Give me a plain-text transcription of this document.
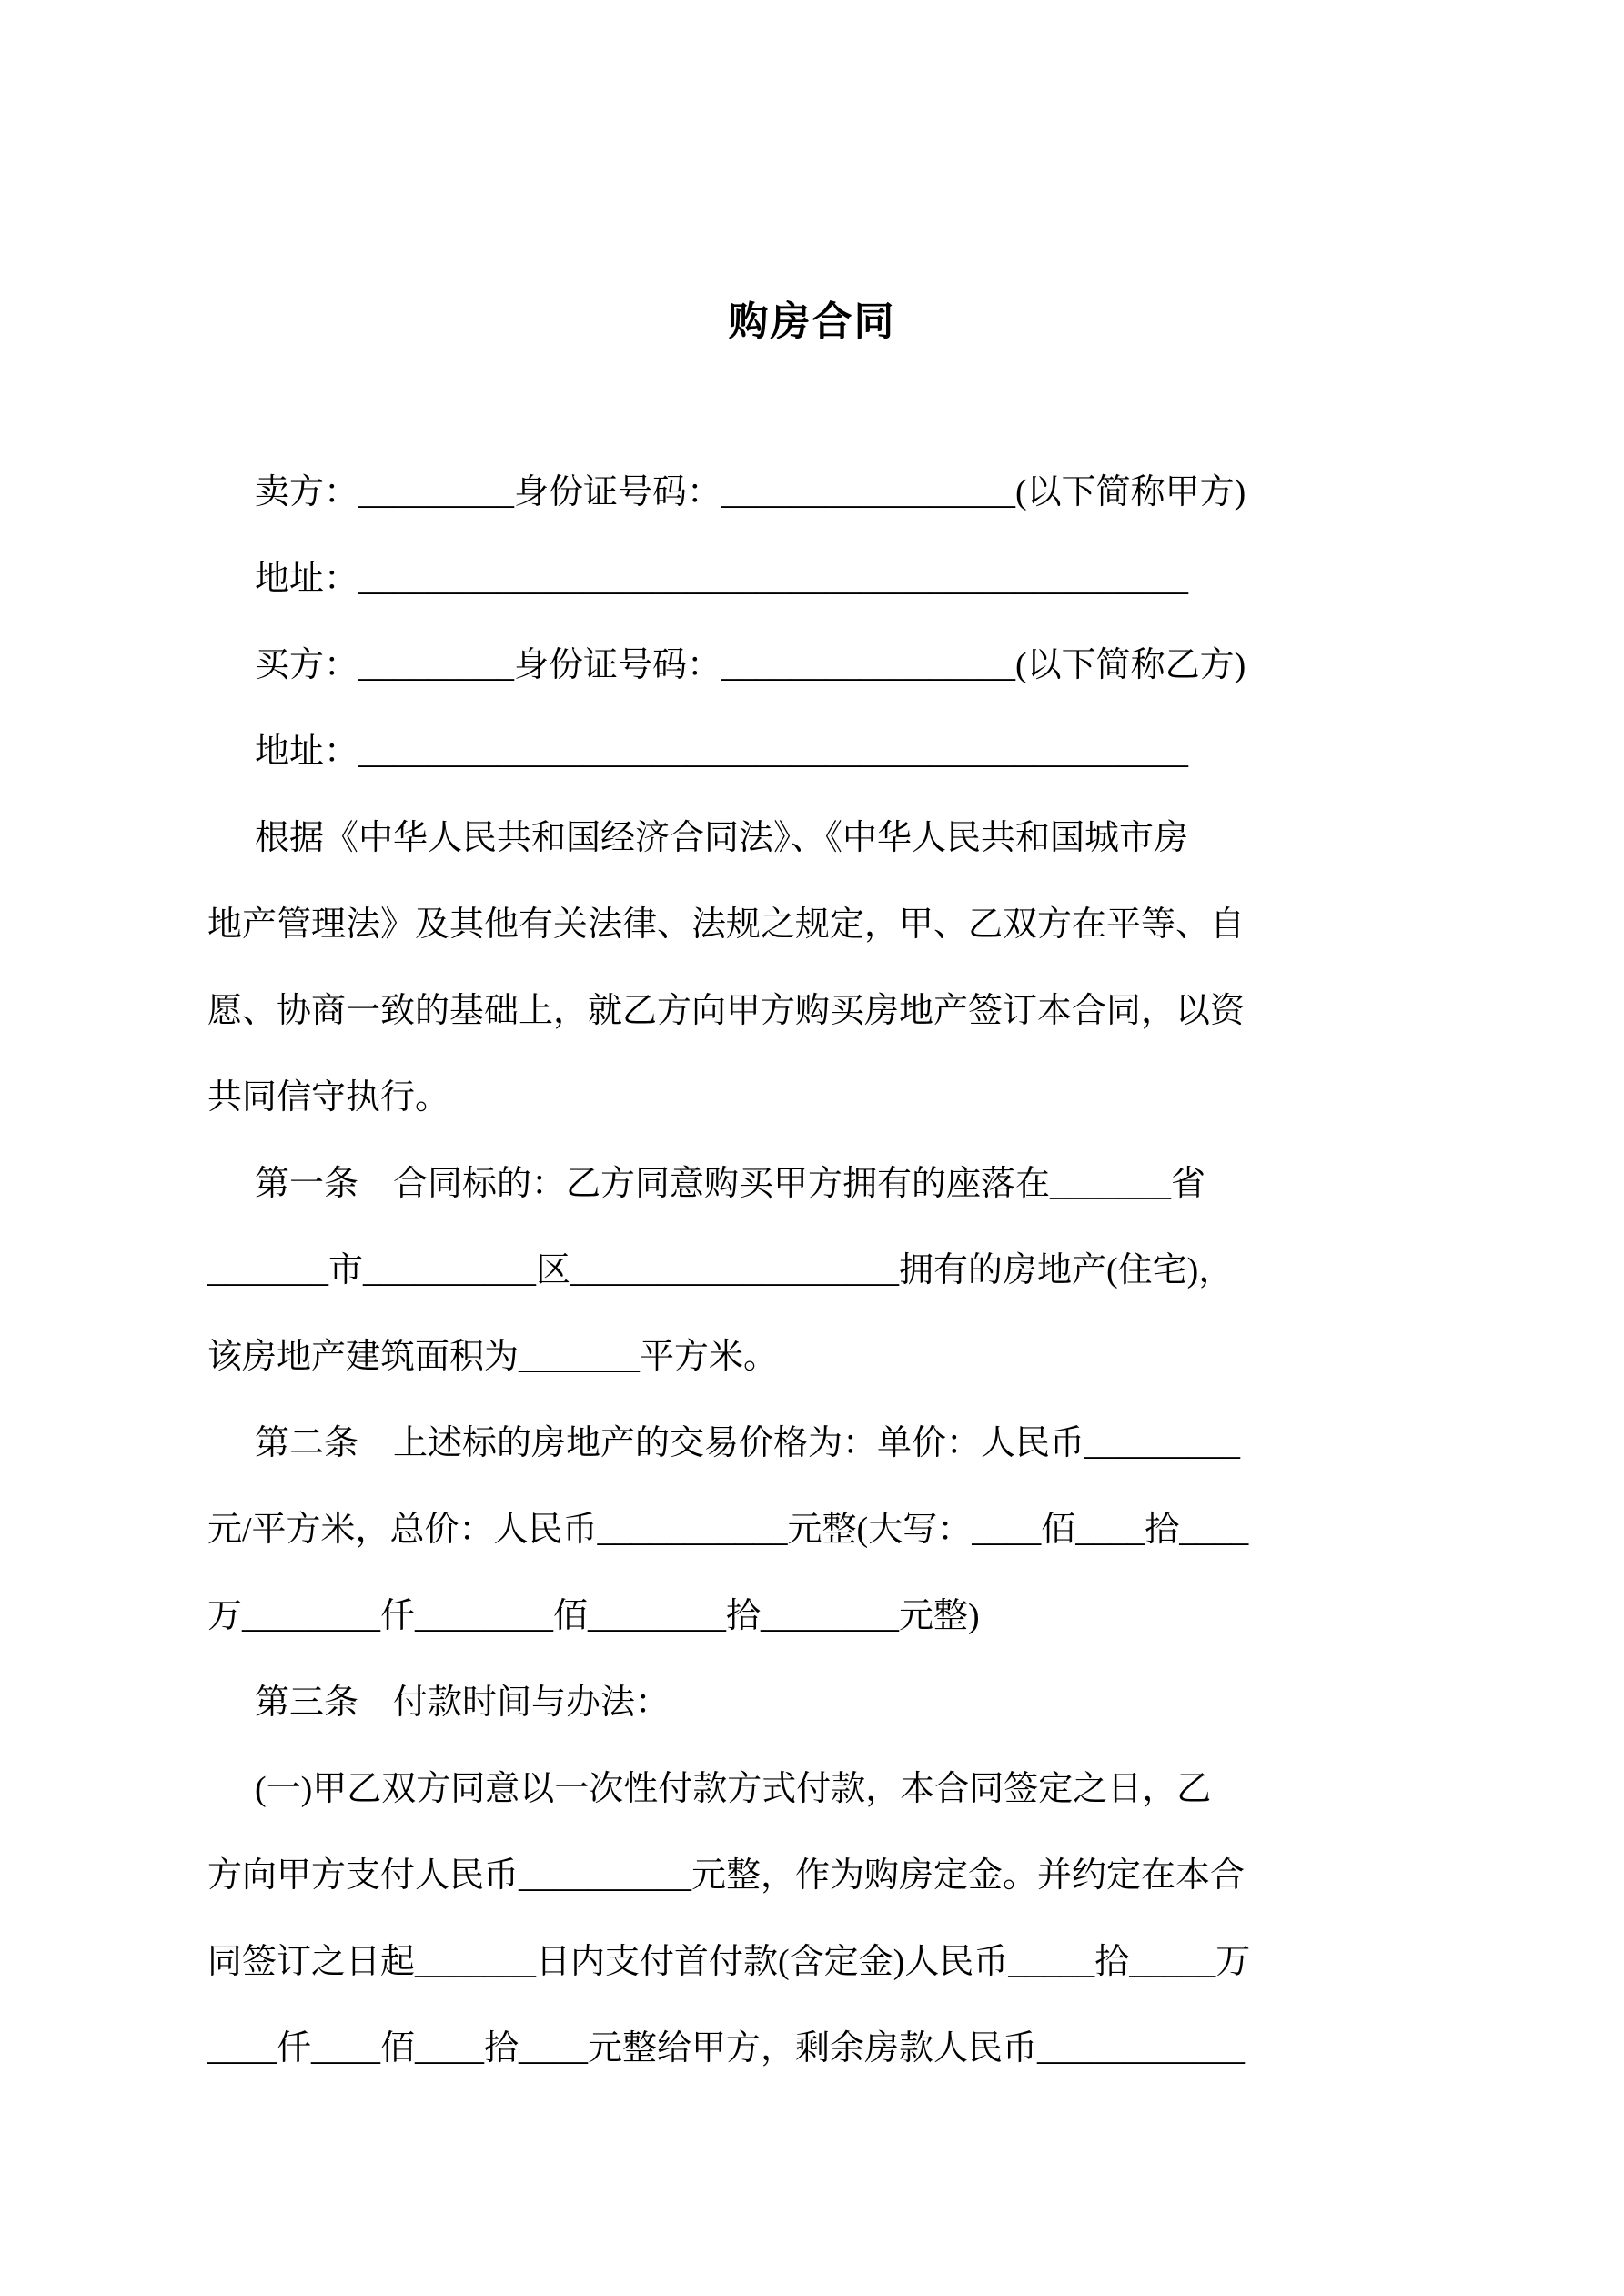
购房合同
卖方：_________身份证号码：_________________(以下简称甲方)
地址：________________________________________________
买方：_________身份证号码：_________________(以下简称乙方)
地址：________________________________________________
根据《中华人民共和国经济合同法》、《中华人民共和国城市房
地产管理法》及其他有关法律、法规之规定，甲、乙双方在平等、自
愿、协商一致的基础上，就乙方向甲方购买房地产签订本合同，以资
共同信守执行。
第一条　合同标的：乙方同意购买甲方拥有的座落在_______省
_______市__________区___________________拥有的房地产(住宅)，
该房地产建筑面积为_______平方米。
第二条　上述标的房地产的交易价格为：单价：人民币_________
元/平方米，总价：人民币___________元整(大写：____佰____拾____
万________仟________佰________拾________元整)
第三条　付款时间与办法：
(一)甲乙双方同意以一次性付款方式付款，本合同签定之日，乙
方向甲方支付人民币__________元整，作为购房定金。并约定在本合
同签订之日起_______日内支付首付款(含定金)人民币_____拾_____万
____仟____佰____拾____元整给甲方，剩余房款人民币____________
